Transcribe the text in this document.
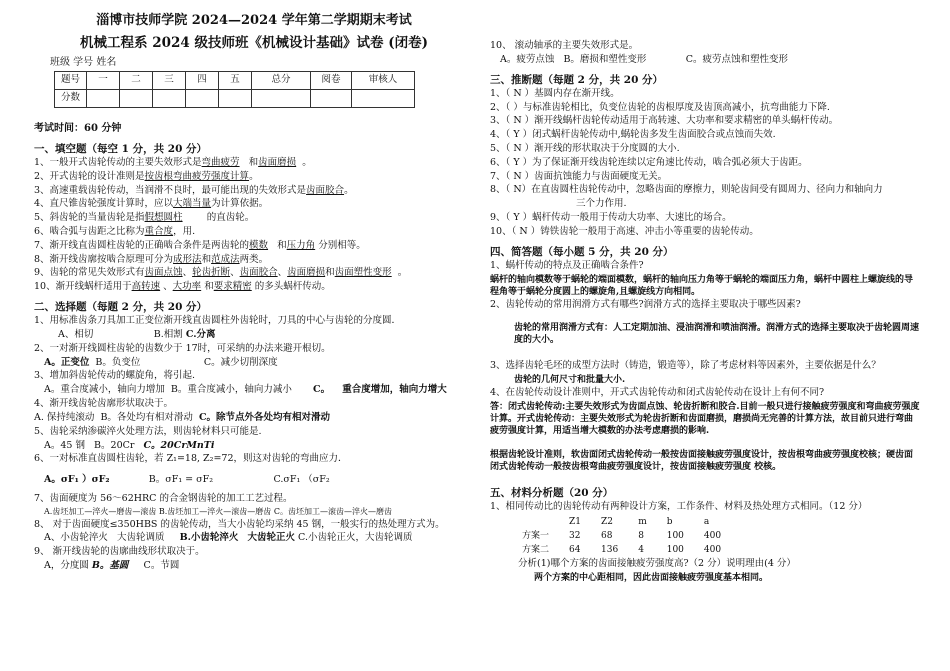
淄博市技师学院 2024—2024 学年第二学期期末考试
机械工程系 2024 级技师班《机械设计基础》试卷 (闭卷)
班级 学号 姓名
题号	一	二	三	四	五	总分	阅卷	审核人
分数								
考试时间：60 分钟
一、填空题（每空 1 分，共 20 分）
1、一般开式齿轮传动的主要失效形式是弯曲疲劳 和齿面磨损 。
2、开式齿轮的设计准则是按齿根弯曲疲劳强度计算。
3、高速重载齿轮传动，当润滑不良时，最可能出现的失效形式是齿面胶合。
4、直尺锥齿轮强度计算时，应以大端当量为计算依据。
5、斜齿轮的当量齿轮是指假想圆柱	的直齿轮。
6、啮合弧与齿距之比称为重合度，用.
7、渐开线直齿圆柱齿轮的正确啮合条件是两齿轮的模数 和压力角 分别相等。
8、渐开线齿廓按啮合原理可分为成形法和范成法两类。
9、齿轮的常见失效形式有齿面点蚀、轮齿折断、齿面胶合、齿面磨损和齿面塑性变形 。
10、渐开线蜗杆适用于高转速 、大功率 和要求精密 的多头蜗杆传动。
二、选择题（每题 2 分，共 20 分）
1、用标准齿条刀具加工正变位渐开线直齿圆柱外齿轮时，刀具的中心与齿轮的分度圆．
A、相切	B.相割 C.分离
2、一对渐开线圆柱齿轮的齿数少于 17时，可采纳的办法来避开根切。
A。正变位 B。负变位	C。减少切削深度
3、增加斜齿轮传动的螺旋角，将引起.
A。重合度减小，轴向力增加 B。重合度减小，轴向力减小 C。 重合度增加，轴向力增大
4、渐开线齿轮齿廓形状取决于。
A. 保持纯滚动 B。各处均有相对滑动 C。除节点外各处均有相对滑动
5、齿轮采纳渗碳淬火处理方法，则齿轮材料只可能是.
A。45 钢 B。20Cr C。20CrMnTi
6、一对标准直齿圆柱齿轮，若 Z₁=18, Z₂=72，则这对齿轮的弯曲应力．
A。σF₁ ）σF₂	B。σF₁ = σF₂	C.σF₁ （σF₂
7、齿面硬度为 56～62HRC 的合金钢齿轮的加工工艺过程。
A.齿坯加工—淬火—磨齿—滚齿 B.齿坯加工—淬火—滚齿—磨齿 C。齿坯加工—滚齿—淬火—磨齿
8、 对于齿面硬度≤350HBS 的齿轮传动，当大小齿轮均采纳 45 钢，一般实行的热处理方式为。
A、小齿轮淬火 大齿轮调质 B.小齿轮淬火 大齿轮正火 C.小齿轮正火，大齿轮调质
9、 渐开线齿轮的齿廓曲线形状取决于。
A，分度圆 B。基圆 C。节圆
10、 滚动轴承的主要失效形式是。
A。疲劳点蚀 B。磨损和塑性变形	C。疲劳点蚀和塑性变形
三、推断题（每题 2 分，共 20 分）
1、（ N ）基圆内存在渐开线。
2、（ ）与标准齿轮相比，负变位齿轮的齿根厚度及齿顶高减小，抗弯曲能力下降.
3、（ N ）渐开线蜗杆齿轮传动适用于高转速、大功率和要求精密的单头蜗杆传动。
4、（ Y ）闭式蜗杆齿轮传动中,蜗轮齿多发生齿面胶合或点蚀而失效.
5、（ N ）渐开线的形状取决于分度圆的大小.
6、（ Y ）为了保证渐开线齿轮连续以定角速比传动，啮合弧必须大于齿距。
7、（ N ）齿面抗蚀能力与齿面硬度无关。
8、（ N）在直齿圆柱齿轮传动中，忽略齿面的摩擦力，则轮齿间受有圆周力、径向力和轴向力
三个力作用.
9、（ Y ）蜗杆传动一般用于传动大功率、大速比的场合。
10、（ N ）铸铁齿轮一般用于高速、冲击小等重要的齿轮传动。
四、简答题（每小题 5 分，共 20 分）
1、蜗杆传动的特点及正确啮合条件?
蜗杆的轴向模数等于蜗轮的端面模数，蜗杆的轴向压力角等于蜗轮的端面压力角，蜗杆中圆柱上螺旋线的导程角等于蜗轮分度圆上的螺旋角,且螺旋线方向相同。
2、齿轮传动的常用润滑方式有哪些?润滑方式的选择主要取决于哪些因素?
齿轮的常用润滑方式有：人工定期加油、浸油润滑和喷油润滑。润滑方式的选择主要取决于齿轮圆周速度的大小。
3、选择齿轮毛坯的成型方法时（铸造，锻造等），除了考虑材料等因素外，主要依据是什么？
齿轮的几何尺寸和批量大小.
4、在齿轮传动设计准则中，开式式齿轮传动和闭式齿轮传动在设计上有何不同?
答：闭式齿轮传动:主要失效形式为齿面点蚀、轮齿折断和胶合.目前一般只进行接触疲劳强度和弯曲疲劳强度计算。开式齿轮传动：主要失效形式为轮齿折断和齿面磨损，磨损尚无完善的计算方法，故目前只进行弯曲疲劳强度计算，用适当增大模数的办法考虑磨损的影响.
根据齿轮设计准则，软齿面闭式齿轮传动一般按齿面接触疲劳强度设计，按齿根弯曲疲劳强度校核；硬齿面闭式齿轮传动一般按齿根弯曲疲劳强度设计，按齿面接触疲劳强度 校核。
五、材料分析题（20 分）
1、相同传动比的齿轮传动有两种设计方案，工作条件、材料及热处理方式相同。（12 分）
	Z1	Z2	m	b	a
方案一	32	68	8	100	400
方案二	64	136	4	100	400
分析(1)哪个方案的齿面接触疲劳强度高?（2 分）说明理由(4 分）
两个方案的中心距相同，因此齿面接触疲劳强度基本相同。
